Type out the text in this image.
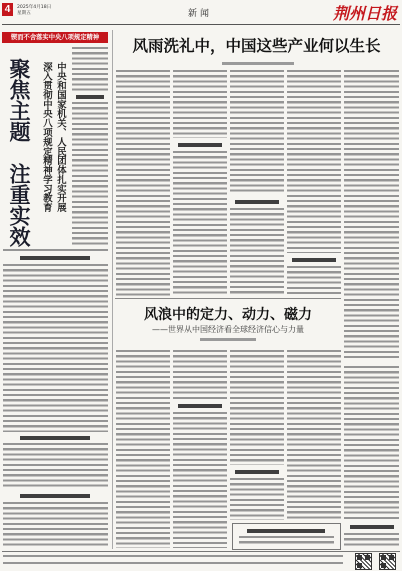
4	2025年4月18日
星期五	新闻	荆州日报
锲而不舍落实中央八项规定精神
聚焦主题
注重实效 深入贯彻中央八项规定精神学习教育 中央和国家机关、人民团体扎实开展
风雨洗礼中，中国这些产业何以生长
风浪中的定力、动力、磁力
——世界从中国经济看全球经济信心与力量
